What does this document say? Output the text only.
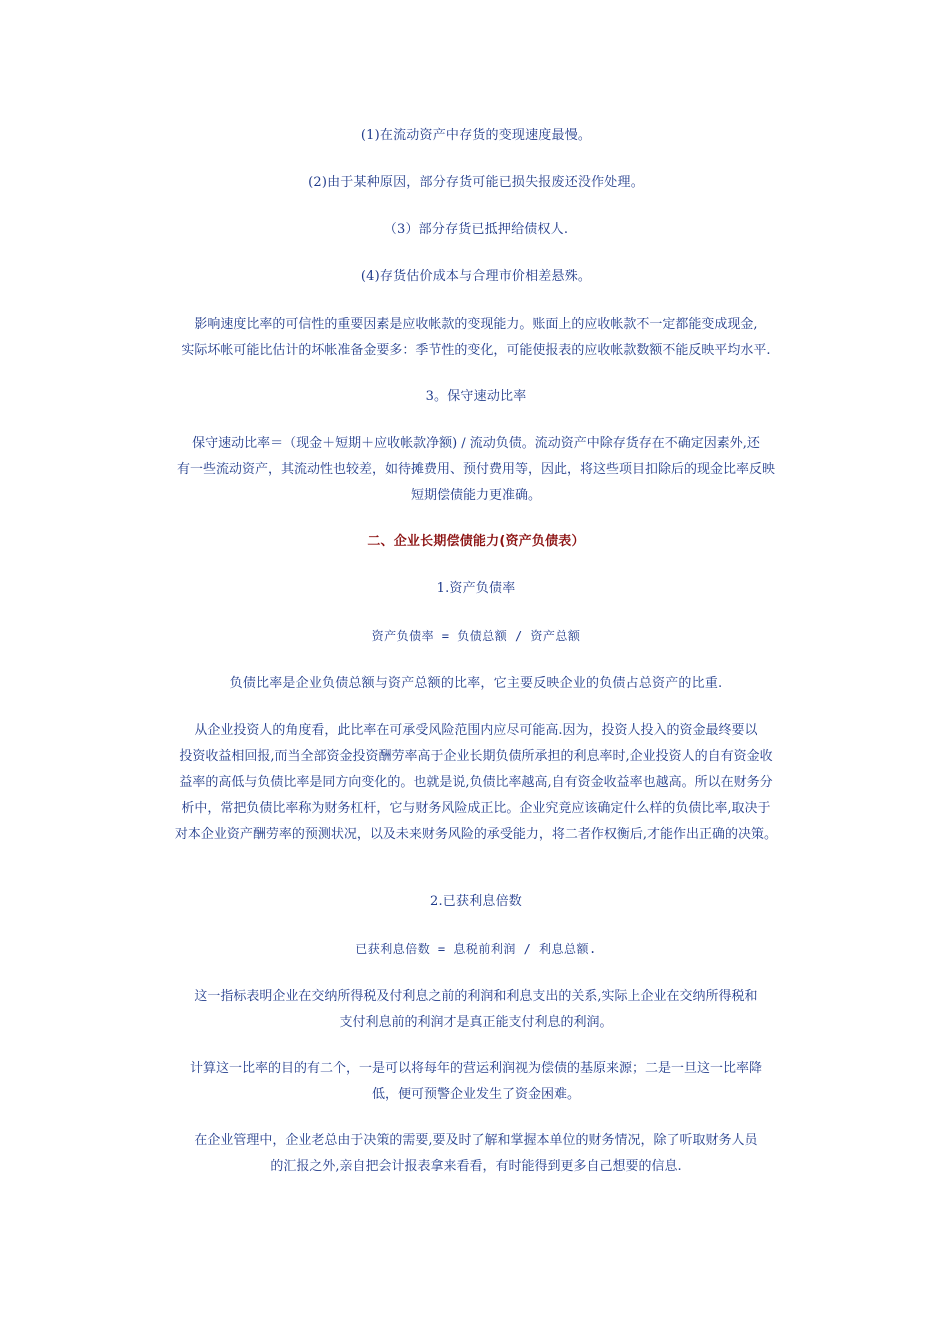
(1)在流动资产中存货的变现速度最慢。
(2)由于某种原因，部分存货可能已损失报废还没作处理。
（3）部分存货已抵押给债权人.
(4)存货估价成本与合理市价相差悬殊。
影响速度比率的可信性的重要因素是应收帐款的变现能力。账面上的应收帐款不一定都能变成现金,
实际坏帐可能比估计的坏帐准备金要多：季节性的变化，可能使报表的应收帐款数额不能反映平均水平.
3。保守速动比率
保守速动比率＝（现金＋短期＋应收帐款净额) / 流动负债。流动资产中除存货存在不确定因素外,还
有一些流动资产，其流动性也较差，如待摊费用、预付费用等，因此，将这些项目扣除后的现金比率反映
短期偿债能力更准确。
二、企业长期偿债能力(资产负债表）
1.资产负债率
资产负债率 = 负债总额 / 资产总额
负债比率是企业负债总额与资产总额的比率，它主要反映企业的负债占总资产的比重.
从企业投资人的角度看，此比率在可承受风险范围内应尽可能高.因为，投资人投入的资金最终要以
投资收益相回报,而当全部资金投资酬劳率高于企业长期负债所承担的利息率时,企业投资人的自有资金收
益率的高低与负债比率是同方向变化的。也就是说,负债比率越高,自有资金收益率也越高。所以在财务分
析中，常把负债比率称为财务杠杆，它与财务风险成正比。企业究竟应该确定什么样的负债比率,取决于
对本企业资产酬劳率的预测状况，以及未来财务风险的承受能力，将二者作权衡后,才能作出正确的决策。
2.已获利息倍数
已获利息倍数 = 息税前利润 / 利息总额.
这一指标表明企业在交纳所得税及付利息之前的利润和利息支出的关系,实际上企业在交纳所得税和
支付利息前的利润才是真正能支付利息的利润。
计算这一比率的目的有二个，一是可以将每年的营运利润视为偿债的基原来源；二是一旦这一比率降
低，便可预警企业发生了资金困难。
在企业管理中，企业老总由于决策的需要,要及时了解和掌握本单位的财务情况，除了听取财务人员
的汇报之外,亲自把会计报表拿来看看，有时能得到更多自己想要的信息.
